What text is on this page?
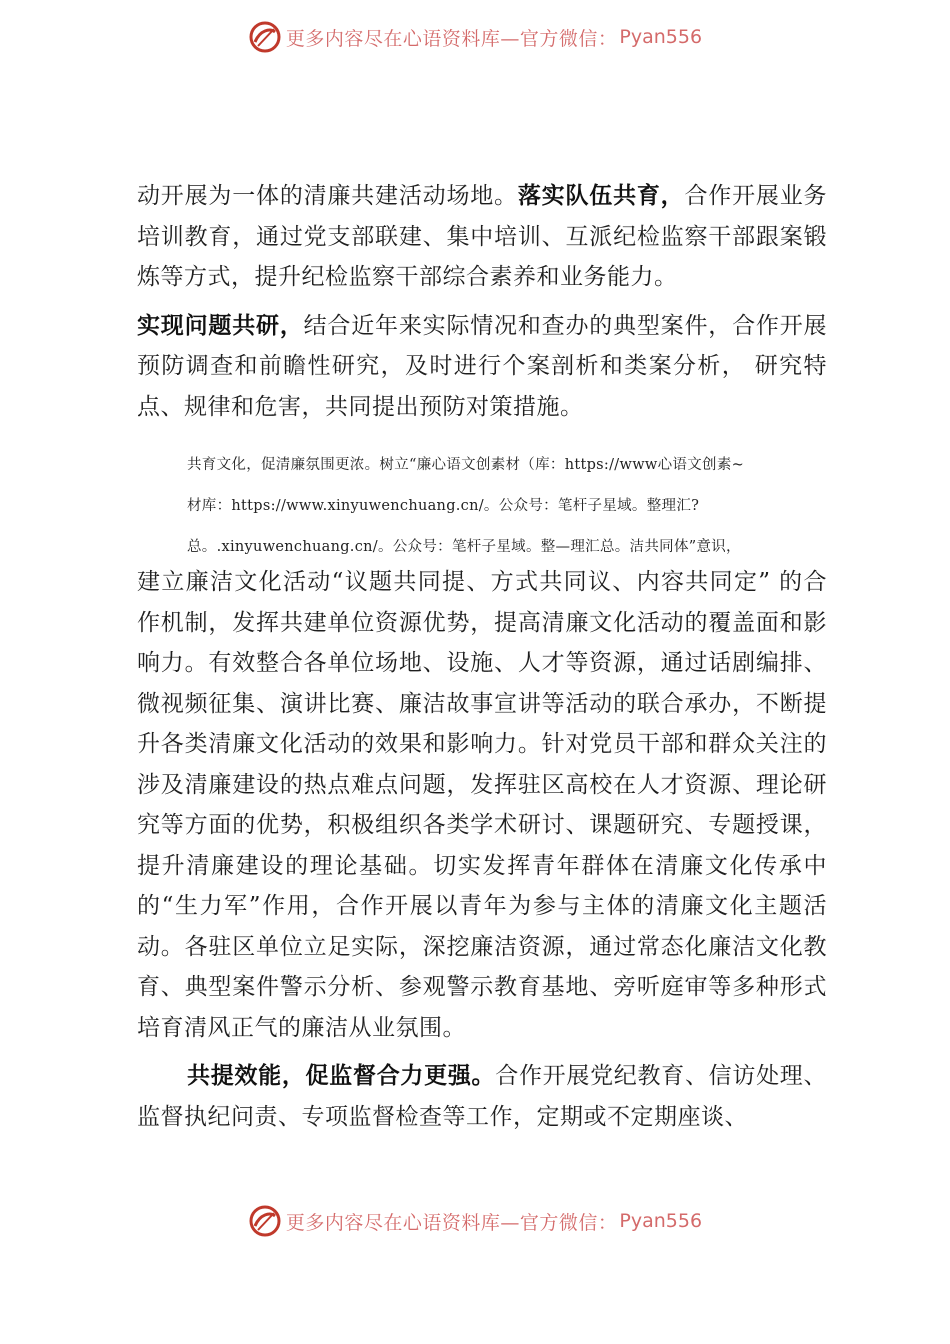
更多内容尽在心语资料库—官方微信： Pyan556

动开展为一体的清廉共建活动场地。落实队伍共育，合作开展业务培训教育，通过党支部联建、集中培训、互派纪检监察干部跟案锻炼等方式，提升纪检监察干部综合素养和业务能力。

实现问题共研，结合近年来实际情况和查办的典型案件，合作开展预防调查和前瞻性研究，及时进行个案剖析和类案分析， 研究特点、规律和危害，共同提出预防对策措施。

共育文化，促清廉氛围更浓。树立“廉心语文创素材（库：https://www心语文创素~
材库：https://www.xinyuwenchuang.cn/。公众号：笔杆子星域。整理汇?
总。.xinyuwenchuang.cn/。公众号：笔杆子星域。整—理汇总。洁共同体”意识，

建立廉洁文化活动“议题共同提、方式共同议、内容共同定” 的合作机制，发挥共建单位资源优势，提高清廉文化活动的覆盖面和影响力。有效整合各单位场地、设施、人才等资源，通过话剧编排、微视频征集、演讲比赛、廉洁故事宣讲等活动的联合承办，不断提升各类清廉文化活动的效果和影响力。针对党员干部和群众关注的涉及清廉建设的热点难点问题，发挥驻区高校在人才资源、理论研究等方面的优势，积极组织各类学术研讨、课题研究、专题授课，提升清廉建设的理论基础。切实发挥青年群体在清廉文化传承中的“生力军”作用，合作开展以青年为参与主体的清廉文化主题活动。各驻区单位立足实际，深挖廉洁资源，通过常态化廉洁文化教育、典型案件警示分析、参观警示教育基地、旁听庭审等多种形式培育清风正气的廉洁从业氛围。

共提效能，促监督合力更强。合作开展党纪教育、信访处理、监督执纪问责、专项监督检查等工作，定期或不定期座谈、

更多内容尽在心语资料库—官方微信： Pyan556
